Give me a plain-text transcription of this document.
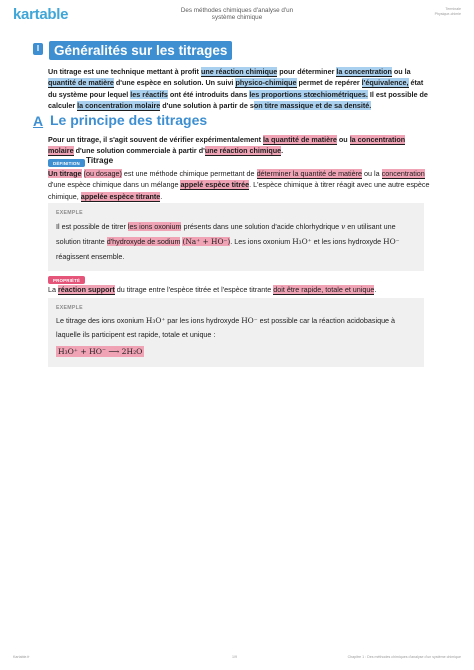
kartable	Des méthodes chimiques d'analyse d'un
système chimique
Terminale
Physique-chimie
I	Généralités sur les titrages
Un titrage est une technique mettant à profit une réaction chimique pour déterminer la concentration ou la quantité de matière d'une espèce en solution. Un suivi physico-chimique permet de repérer l'équivalence, état du système pour lequel les réactifs ont été introduits dans les proportions stœchiométriques. Il est possible de calculer la concentration molaire d'une solution à partir de son titre massique et de sa densité.
A Le principe des titrages
Pour un titrage, il s'agit souvent de vérifier expérimentalement la quantité de matière ou la concentration molaire d'une solution commerciale à partir d'une réaction chimique.
DÉFINITION Titrage
Un titrage (ou dosage) est une méthode chimique permettant de déterminer la quantité de matière ou la concentration d'une espèce chimique dans un mélange appelé espèce titrée. L'espèce chimique à titrer réagit avec une autre espèce chimique, appelée espèce titrante.
EXEMPLE
Il est possible de titrer les ions oxonium présents dans une solution d'acide chlorhydrique v en utilisant une solution titrante d'hydroxyde de sodium (Na⁺ + HO⁻). Les ions oxonium H₃O⁺ et les ions hydroxyde HO⁻ réagissent ensemble.
PROPRIÉTÉ
La réaction support du titrage entre l'espèce titrée et l'espèce titrante doit être rapide, totale et unique.
EXEMPLE
Le titrage des ions oxonium H₃O⁺ par les ions hydroxyde HO⁻ est possible car la réaction acidobasique à laquelle ils participent est rapide, totale et unique :
H₃O⁺ + HO⁻ ⟶ 2H₂O
Kartable.fr	1/9	Chapitre 1 : Des méthodes chimiques d'analyse d'un système chimique
